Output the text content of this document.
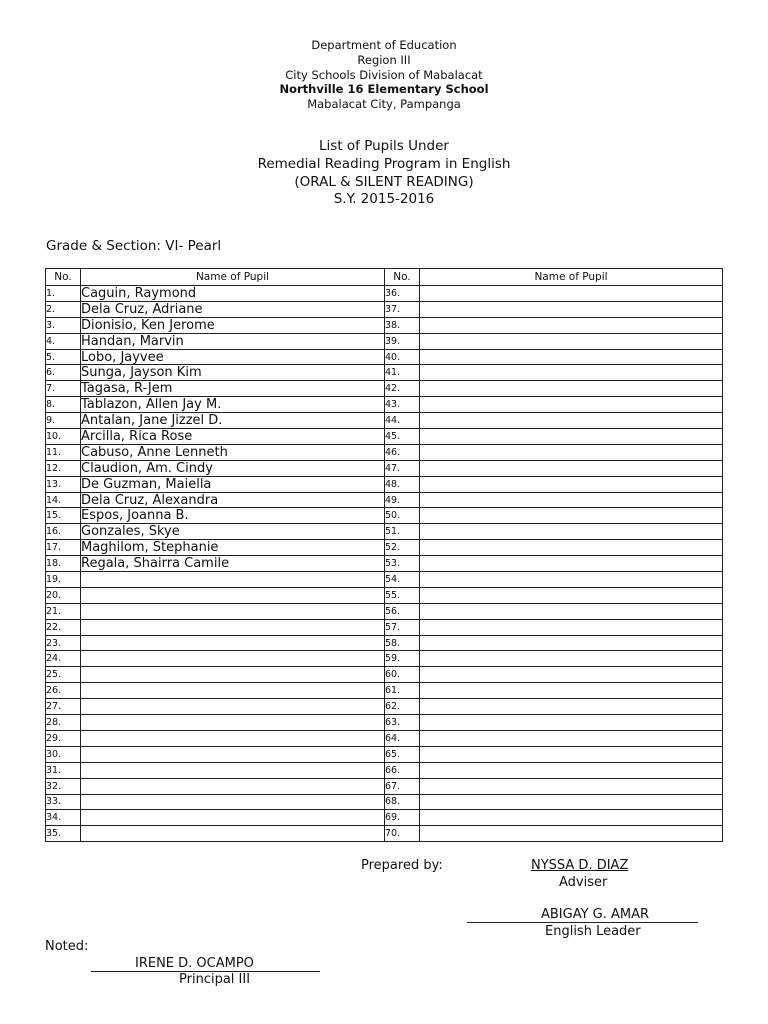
Department of Education
Region III
City Schools Division of Mabalacat
Northville 16 Elementary School
Mabalacat City, Pampanga
List of Pupils Under
Remedial Reading Program in English
(ORAL & SILENT READING)
S.Y. 2015-2016
Grade & Section: VI- Pearl
No.	Name of Pupil	No.	Name of Pupil
1.	Caguin, Raymond	36.	
2.	Dela Cruz, Adriane	37.	
3.	Dionisio, Ken Jerome	38.	
4.	Handan, Marvin	39.	
5.	Lobo, Jayvee	40.	
6.	Sunga, Jayson Kim	41.	
7.	Tagasa, R-Jem	42.	
8.	Tablazon, Allen Jay M.	43.	
9.	Antalan, Jane Jizzel D.	44.	
10.	Arcilla, Rica Rose	45.	
11.	Cabuso, Anne Lenneth	46.	
12.	Claudion, Am. Cindy	47.	
13.	De Guzman, Maiella	48.	
14.	Dela Cruz, Alexandra	49.	
15.	Espos, Joanna B.	50.	
16.	Gonzales, Skye	51.	
17.	Maghilom, Stephanie	52.	
18.	Regala, Shairra Camile	53.	
19.		54.	
20.		55.	
21.		56.	
22.		57.	
23.		58.	
24.		59.	
25.		60.	
26.		61.	
27.		62.	
28.		63.	
29.		64.	
30.		65.	
31.		66.	
32.		67.	
33.		68.	
34.		69.	
35.		70.	
Prepared by:	NYSSA D. DIAZ
Adviser
ABIGAY G. AMAR
English Leader
Noted:
IRENE D. OCAMPO
Principal III
